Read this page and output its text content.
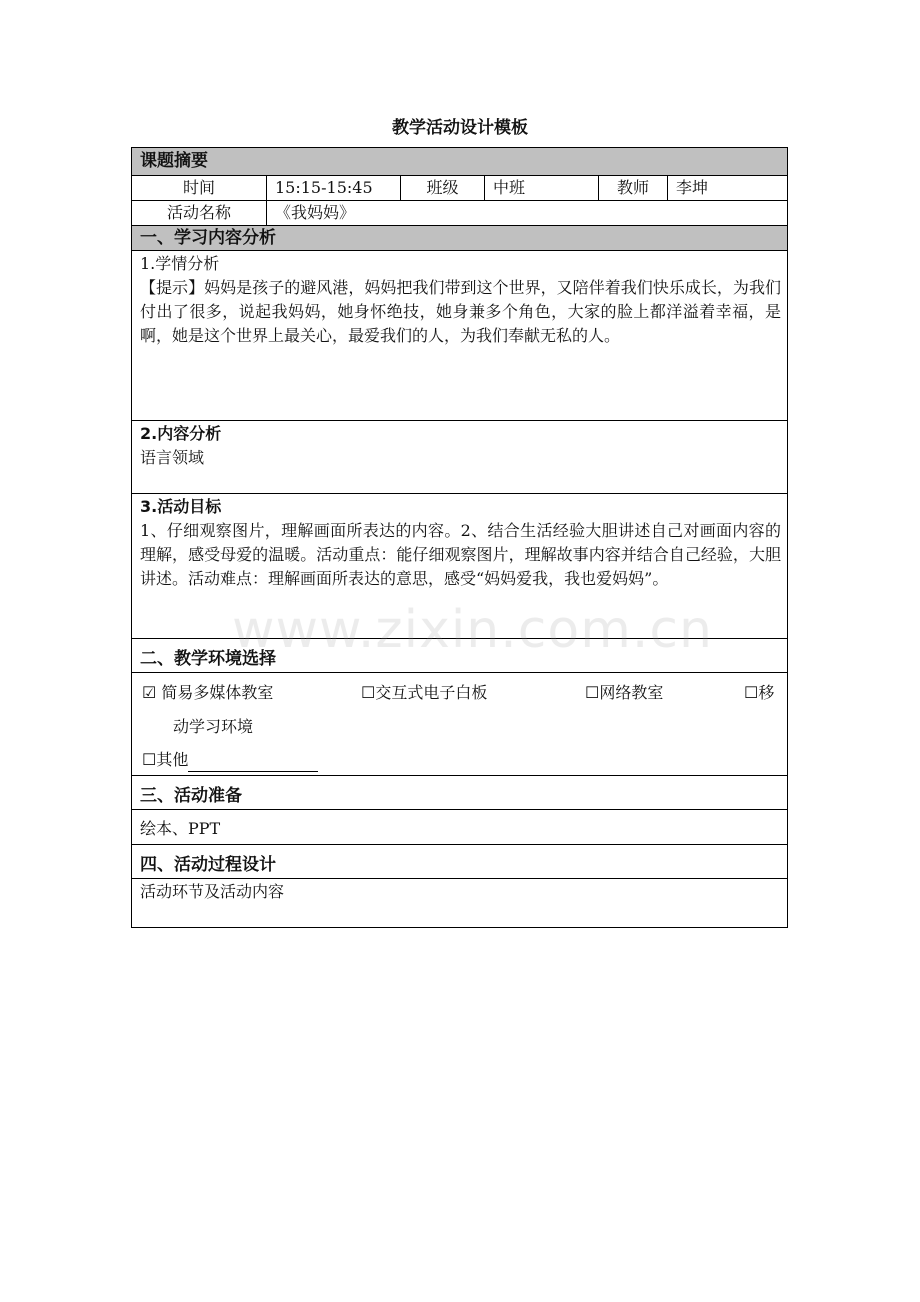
教学活动设计模板
课题摘要
时间	15:15-15:45	班级	中班	教师	李坤
活动名称	《我妈妈》
一、学习内容分析
1.学情分析
【提示】妈妈是孩子的避风港，妈妈把我们带到这个世界，又陪伴着我们快乐成长，为我们付出了很多，说起我妈妈，她身怀绝技，她身兼多个角色，大家的脸上都洋溢着幸福，是啊，她是这个世界上最关心，最爱我们的人，为我们奉献无私的人。
2.内容分析
语言领域
3.活动目标
1、仔细观察图片，理解画面所表达的内容。2、结合生活经验大胆讲述自己对画面内容的理解，感受母爱的温暖。活动重点：能仔细观察图片，理解故事内容并结合自己经验，大胆讲述。活动难点：理解画面所表达的意思，感受“妈妈爱我，我也爱妈妈”。
二、教学环境选择
☑ 简易多媒体教室	☐交互式电子白板	☐网络教室	☐移
动学习环境
☐其他
三、活动准备
绘本、PPT
四、活动过程设计
活动环节及活动内容
www.zixin.com.cn
